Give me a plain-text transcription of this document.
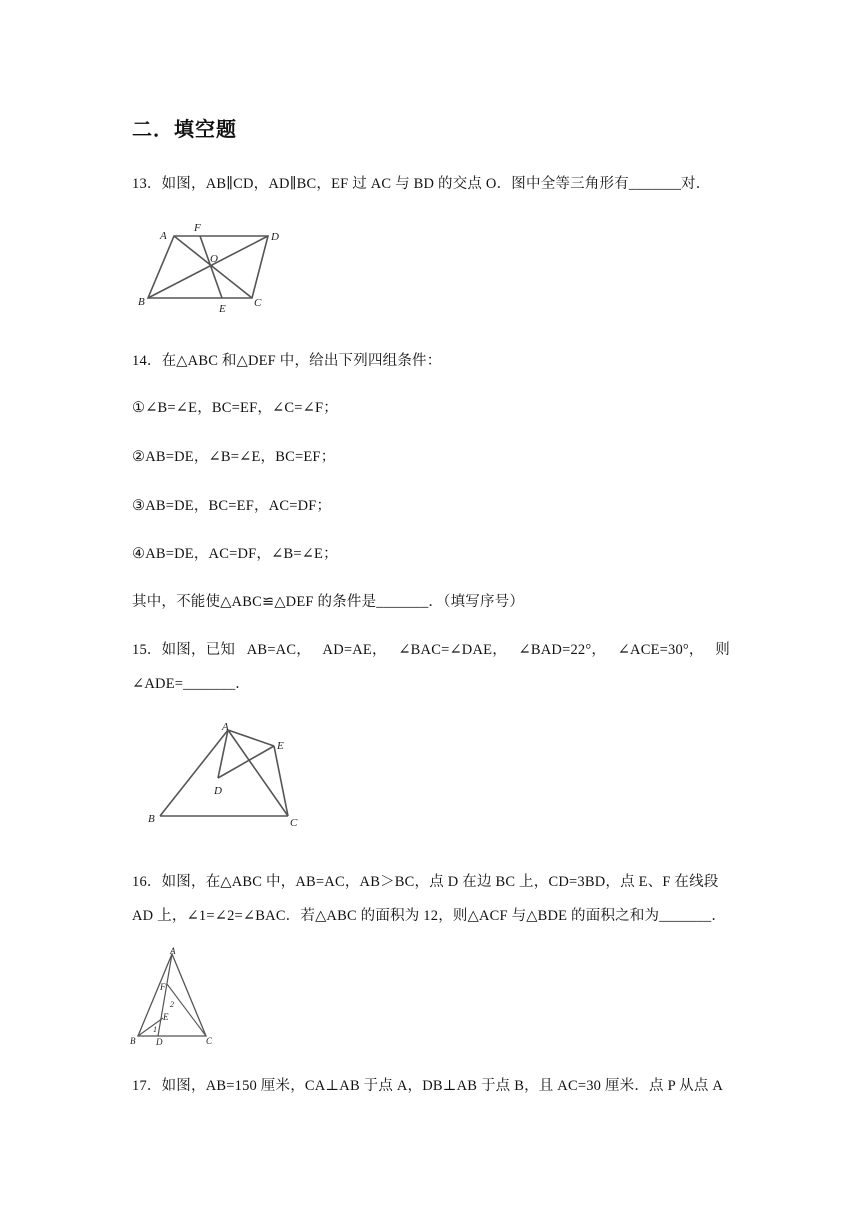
二．填空题
13．如图，AB∥CD，AD∥BC，EF 过 AC 与 BD 的交点 O．图中全等三角形有_______对．
A
F
D
O
B
E	C
14．在△ABC 和△DEF 中，给出下列四组条件：
①∠B=∠E，BC=EF，∠C=∠F；
②AB=DE，∠B=∠E，BC=EF；
③AB=DE，BC=EF，AC=DF；
④AB=DE，AC=DF，∠B=∠E；
其中，不能使△ABC≌△DEF 的条件是_______．（填写序号）
15．如图，已知 AB=AC， AD=AE， ∠BAC=∠DAE， ∠BAD=22°， ∠ACE=30°， 则
∠ADE=_______．
A
E
D
B	C
16．如图，在△ABC 中，AB=AC，AB＞BC，点 D 在边 BC 上，CD=3BD，点 E、F 在线段
AD 上，∠1=∠2=∠BAC．若△ABC 的面积为 12，则△ACF 与△BDE 的面积之和为_______．
A
F
2
E
1
B D	C
17．如图，AB=150 厘米，CA⊥AB 于点 A，DB⊥AB 于点 B，且 AC=30 厘米．点 P 从点 A
